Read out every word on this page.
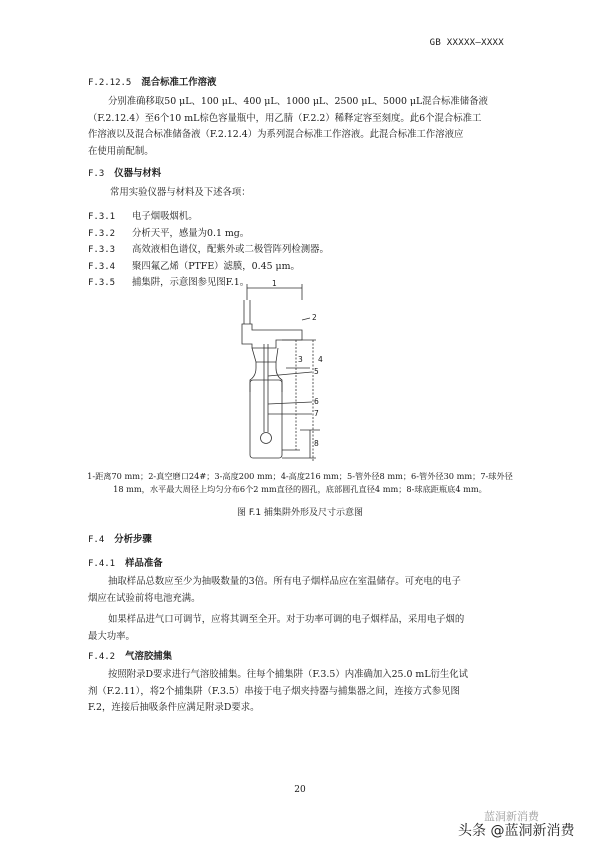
GB XXXXX—XXXX
F.2.12.5 混合标准工作溶液
分别准确移取50 μL、100 μL、400 μL、1000 μL、2500 μL、5000 μL混合标准储备液
（F.2.12.4）至6个10 mL棕色容量瓶中，用乙腈（F.2.2）稀释定容至刻度。此6个混合标准工
作溶液以及混合标准储备液（F.2.12.4）为系列混合标准工作溶液。此混合标准工作溶液应
在使用前配制。
F.3 仪器与材料
常用实验仪器与材料及下述各项：
F.3.1 电子烟吸烟机。
F.3.2 分析天平，感量为0.1 mg。
F.3.3 高效液相色谱仪，配紫外或二极管阵列检测器。
F.3.4 聚四氟乙烯（PTFE）滤膜，0.45 μm。
F.3.5 捕集阱，示意图参见图F.1。	1
2
3 4
5
6
7
8
1-距离70 mm；2-真空磨口24#；3-高度200 mm；4-高度216 mm；5-管外径8 mm；6-管外径30 mm；7-球外径
18 mm，水平最大周径上均匀分布6个2 mm直径的圆孔，底部圆孔直径4 mm；8-球底距瓶底4 mm。
图 F.1 捕集阱外形及尺寸示意图
F.4 分析步骤
F.4.1 样品准备
抽取样品总数应至少为抽吸数量的3倍。所有电子烟样品应在室温储存。可充电的电子
烟应在试验前将电池充满。
如果样品进气口可调节，应将其调至全开。对于功率可调的电子烟样品，采用电子烟的
最大功率。
F.4.2 气溶胶捕集
按照附录D要求进行气溶胶捕集。往每个捕集阱（F.3.5）内准确加入25.0 mL衍生化试
剂（F.2.11），将2个捕集阱（F.3.5）串接于电子烟夹持器与捕集器之间，连接方式参见图
F.2，连接后抽吸条件应满足附录D要求。
20
蓝洞新消费
头条 @蓝洞新消费
